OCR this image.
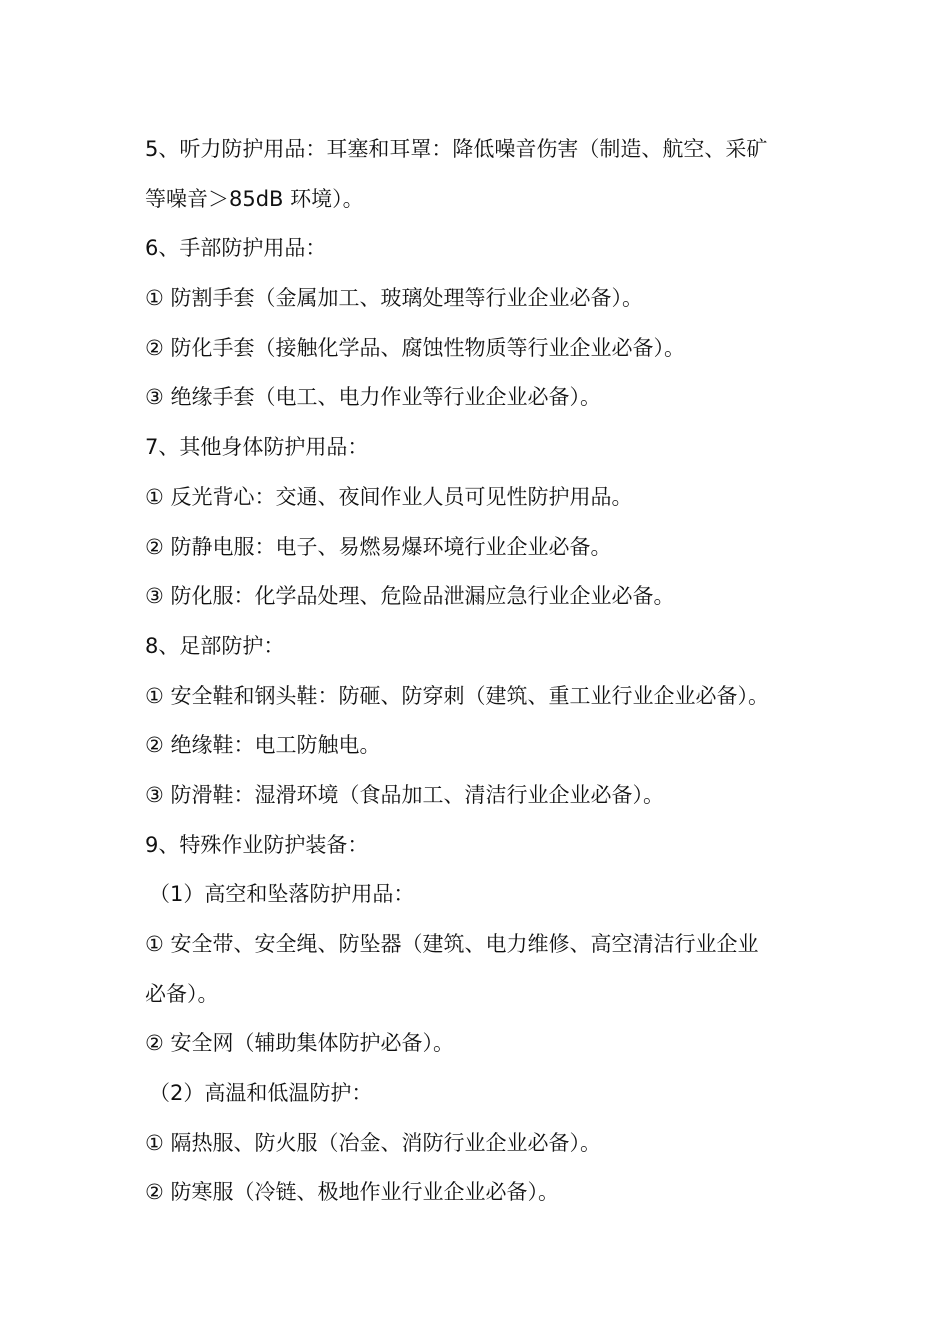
5、听力防护用品：耳塞和耳罩：降低噪音伤害（制造、航空、采矿
等噪音＞85dB 环境）。
6、手部防护用品：
① 防割手套（金属加工、玻璃处理等行业企业必备）。
② 防化手套（接触化学品、腐蚀性物质等行业企业必备）。
③ 绝缘手套（电工、电力作业等行业企业必备）。
7、其他身体防护用品：
① 反光背心：交通、夜间作业人员可见性防护用品。
② 防静电服：电子、易燃易爆环境行业企业必备。
③ 防化服：化学品处理、危险品泄漏应急行业企业必备。
8、足部防护：
① 安全鞋和钢头鞋：防砸、防穿刺（建筑、重工业行业企业必备）。
② 绝缘鞋：电工防触电。
③ 防滑鞋：湿滑环境（食品加工、清洁行业企业必备）。
9、特殊作业防护装备：
（1）高空和坠落防护用品：
① 安全带、安全绳、防坠器（建筑、电力维修、高空清洁行业企业
必备）。
② 安全网（辅助集体防护必备）。
（2）高温和低温防护：
① 隔热服、防火服（冶金、消防行业企业必备）。
② 防寒服（冷链、极地作业行业企业必备）。
